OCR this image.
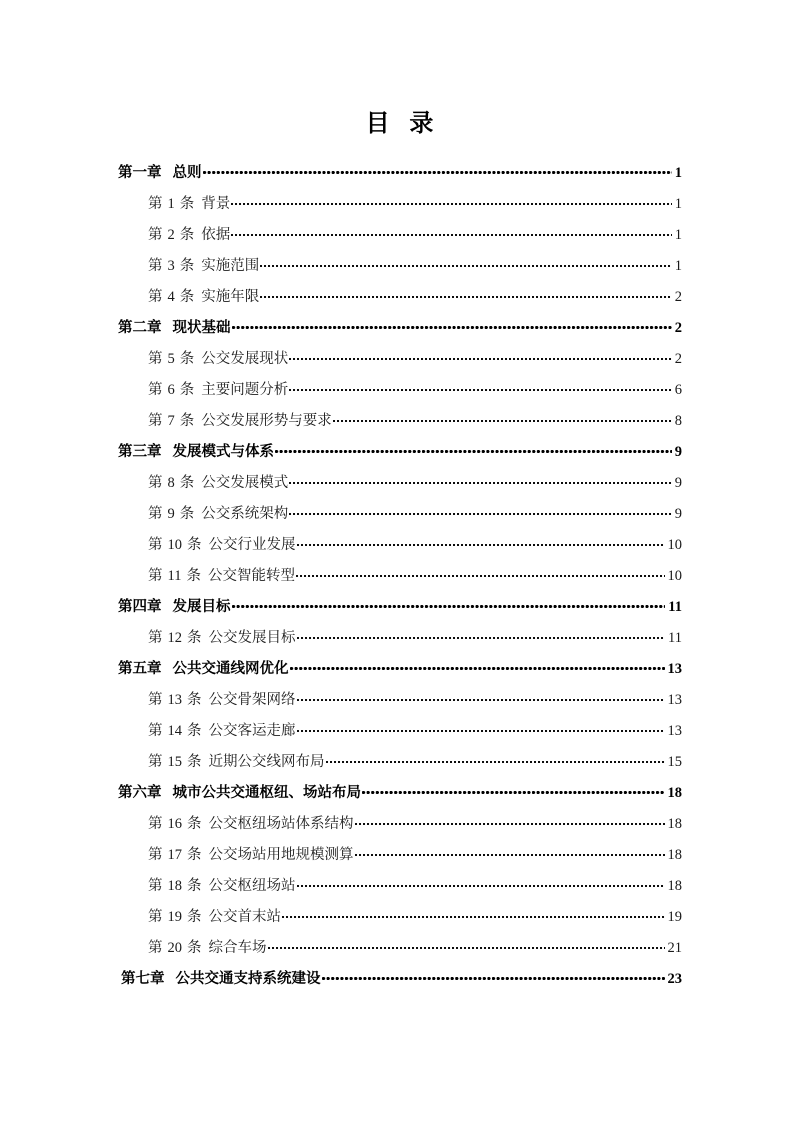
目  录
第一章 总则	1
第 1 条 背景	1
第 2 条 依据	1
第 3 条 实施范围	1
第 4 条 实施年限	2
第二章 现状基础	2
第 5 条 公交发展现状	2
第 6 条 主要问题分析	6
第 7 条 公交发展形势与要求	8
第三章 发展模式与体系	9
第 8 条 公交发展模式	9
第 9 条 公交系统架构	9
第 10 条 公交行业发展	10
第 11 条 公交智能转型	10
第四章 发展目标	11
第 12 条 公交发展目标	11
第五章 公共交通线网优化	13
第 13 条 公交骨架网络	13
第 14 条 公交客运走廊	13
第 15 条 近期公交线网布局	15
第六章 城市公共交通枢纽、场站布局	18
第 16 条 公交枢纽场站体系结构	18
第 17 条 公交场站用地规模测算	18
第 18 条 公交枢纽场站	18
第 19 条 公交首末站	19
第 20 条 综合车场	21
第七章 公共交通支持系统建设	23
